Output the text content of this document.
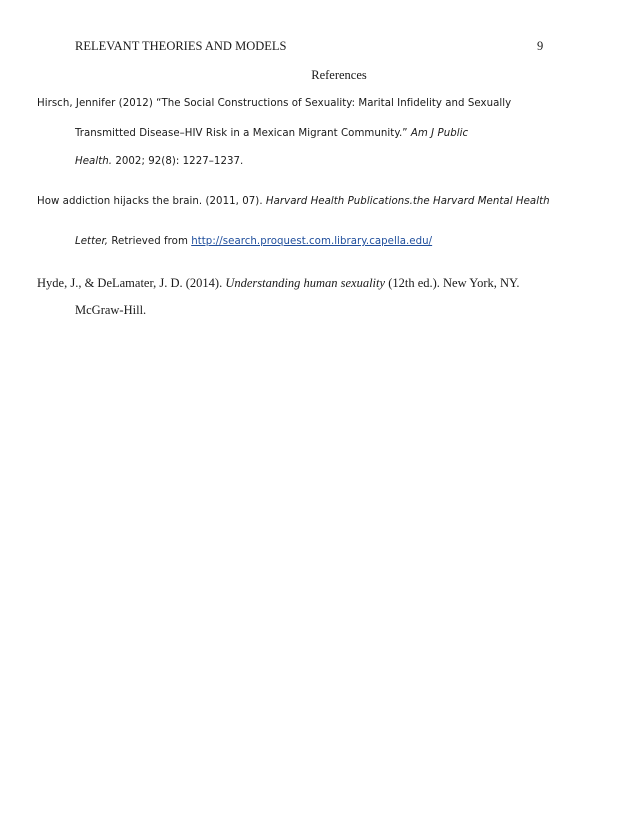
RELEVANT THEORIES AND MODELS	9
References
Hirsch, Jennifer (2012) “The Social Constructions of Sexuality: Marital Infidelity and Sexually
Transmitted Disease–HIV Risk in a Mexican Migrant Community.” Am J Public
Health. 2002; 92(8): 1227–1237.
How addiction hijacks the brain. (2011, 07). Harvard Health Publications.the Harvard Mental Health
Letter, Retrieved from http://search.proquest.com.library.capella.edu/
Hyde, J., & DeLamater, J. D. (2014). Understanding human sexuality (12th ed.). New York, NY.
McGraw-Hill.
